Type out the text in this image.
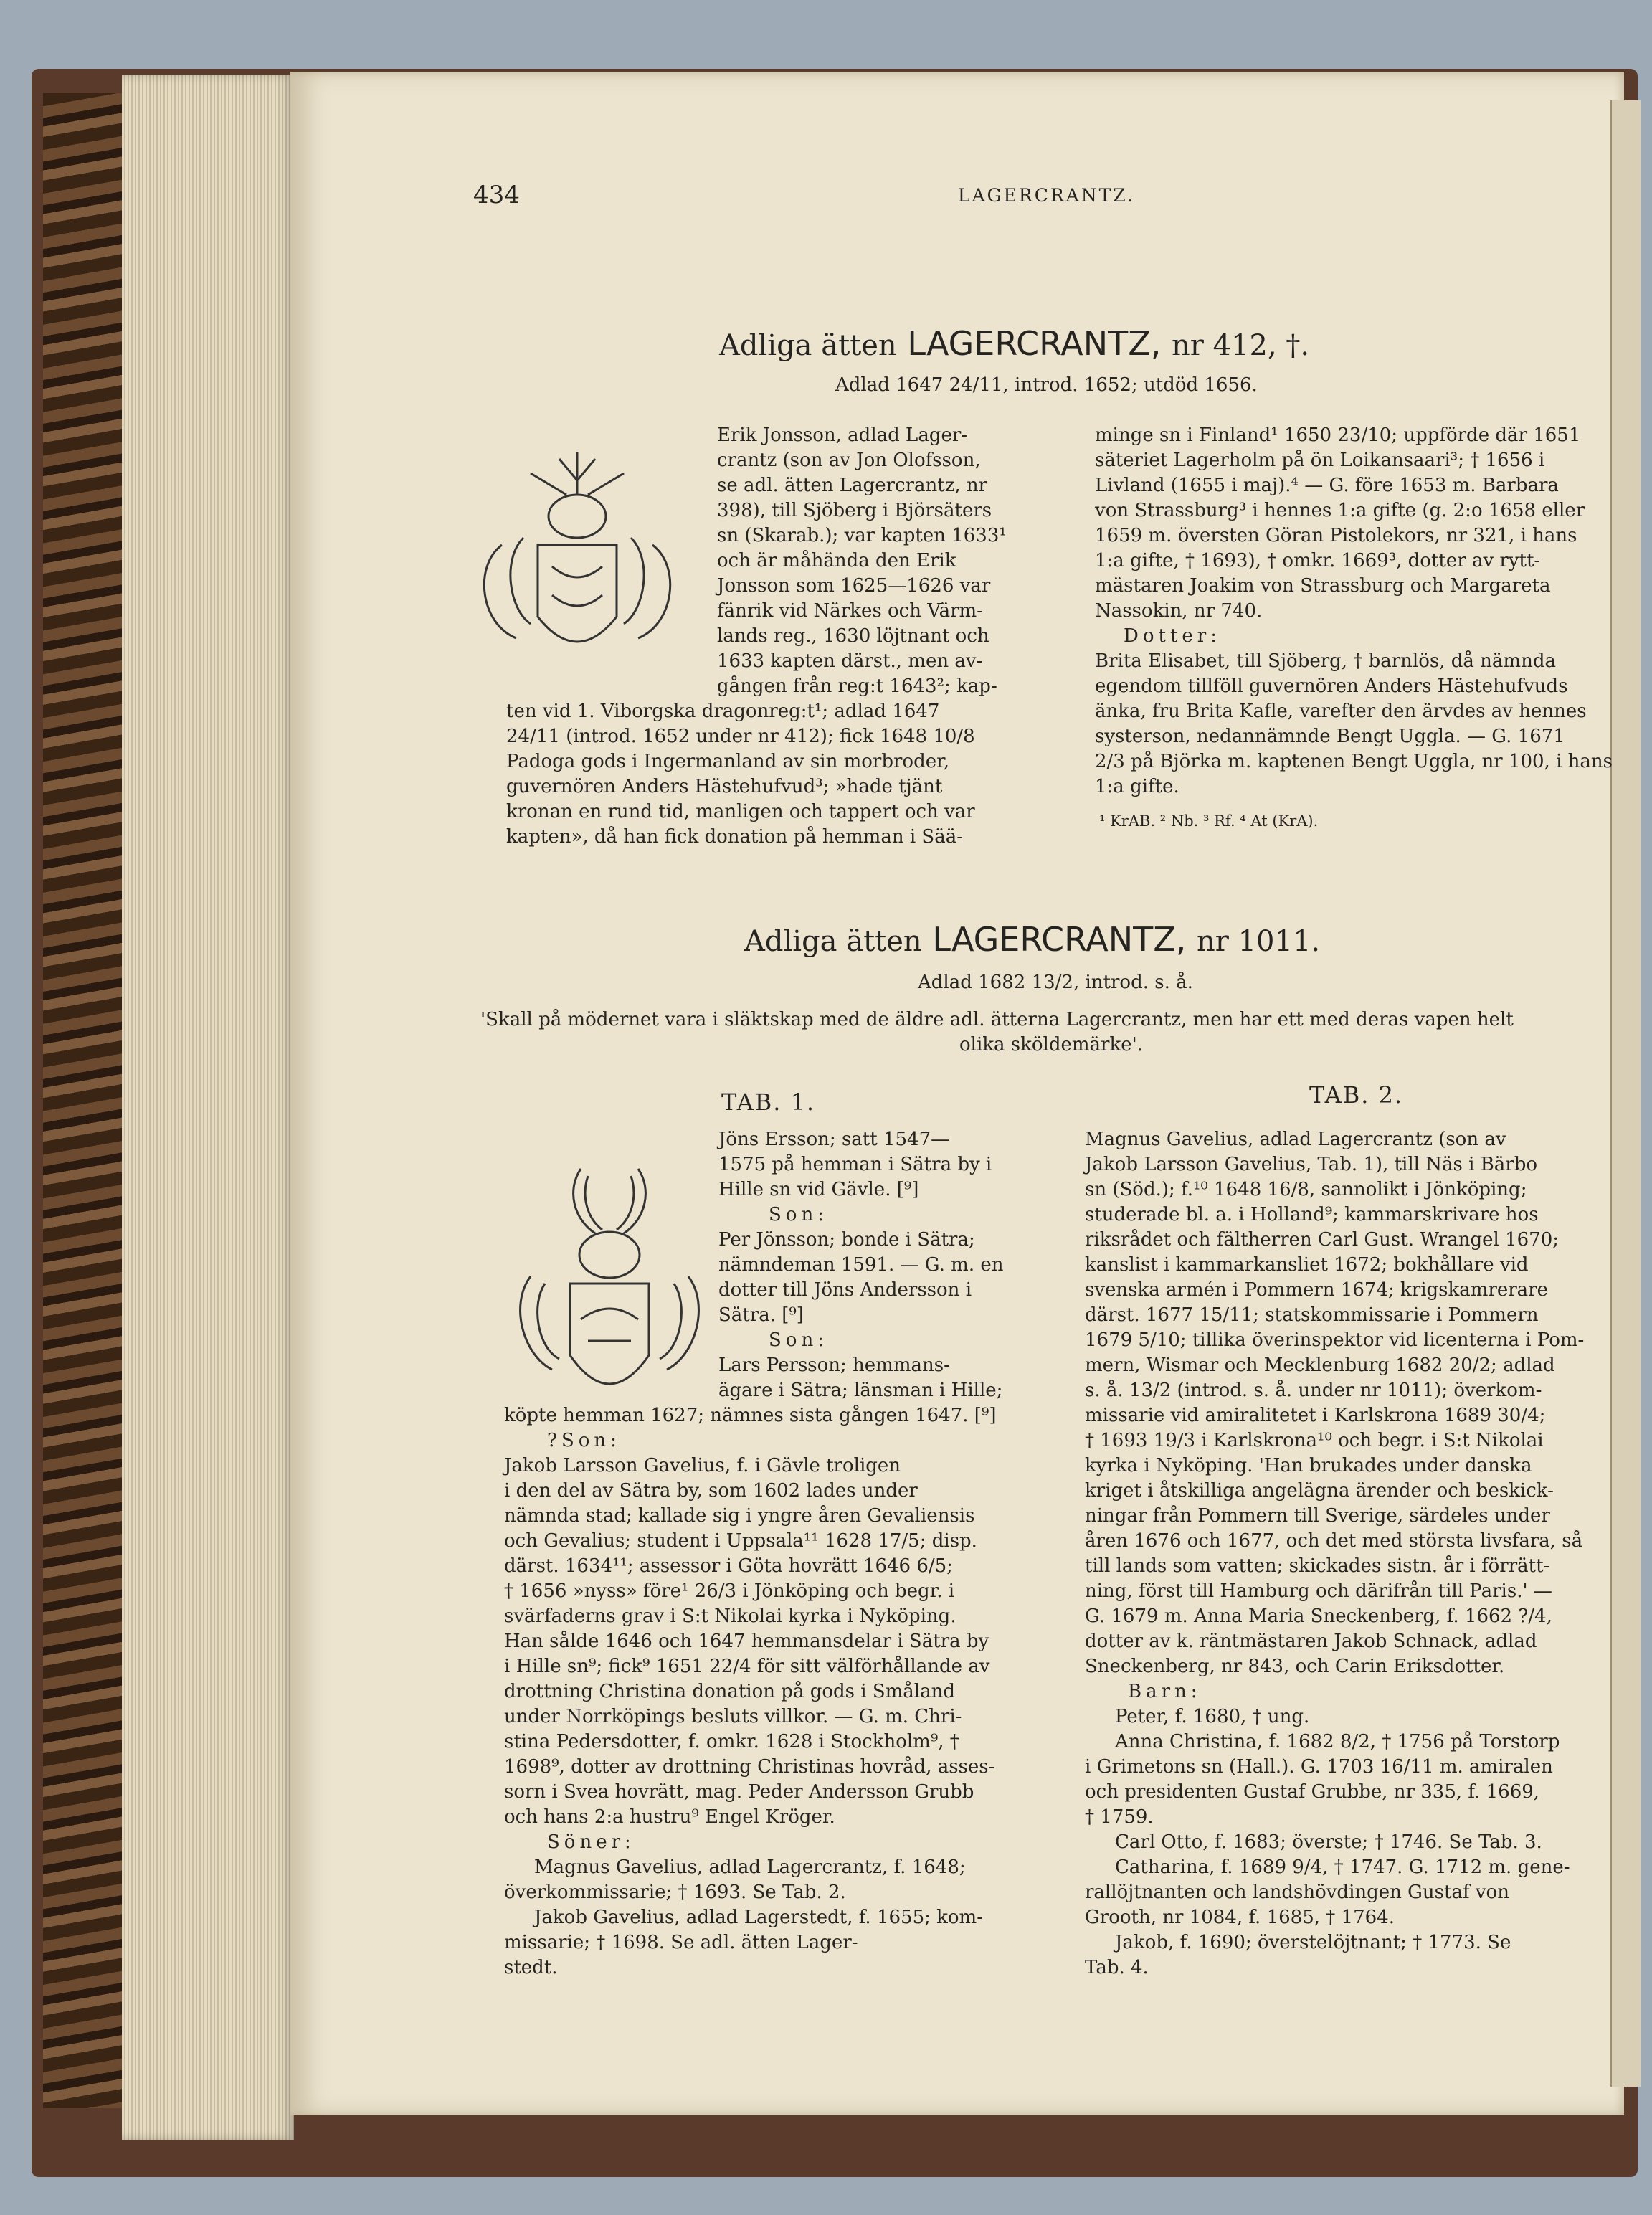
434	LAGERCRANTZ.
Adliga ätten LAGERCRANTZ, nr 412, †.
Adlad 1647 24/11, introd. 1652; utdöd 1656.

Erik Jonsson, adlad Lager-

crantz (son av Jon Olofsson,

se adl. ätten Lagercrantz, nr

398), till Sjöberg i Björsäters

sn (Skarab.); var kapten 1633¹

och är måhända den Erik

Jonsson som 1625—1626 var

fänrik vid Närkes och Värm-

lands reg., 1630 löjtnant och

1633 kapten därst., men av-

gången från reg:t 1643²; kap-

ten vid 1. Viborgska dragonreg:t¹; adlad 1647

24/11 (introd. 1652 under nr 412); fick 1648 10/8

Padoga gods i Ingermanland av sin morbroder,

guvernören Anders Hästehufvud³; »hade tjänt

kronan en rund tid, manligen och tappert och var

kapten», då han fick donation på hemman i Sää-

minge sn i Finland¹ 1650 23/10; uppförde där 1651

säteriet Lagerholm på ön Loikansaari³; † 1656 i

Livland (1655 i maj).⁴ — G. före 1653 m. Barbara

von Strassburg³ i hennes 1:a gifte (g. 2:o 1658 eller

1659 m. översten Göran Pistolekors, nr 321, i hans

1:a gifte, † 1693), † omkr. 1669³, dotter av rytt-

mästaren Joakim von Strassburg och Margareta

Nassokin, nr 740.

Dotter:

Brita Elisabet, till Sjöberg, † barnlös, då nämnda

egendom tillföll guvernören Anders Hästehufvuds

änka, fru Brita Kafle, varefter den ärvdes av hennes

systerson, nedannämnde Bengt Uggla. — G. 1671

2/3 på Björka m. kaptenen Bengt Uggla, nr 100, i hans

1:a gifte.

¹ KrAB. ² Nb. ³ Rf. ⁴ At (KrA).
Adliga ätten LAGERCRANTZ, nr 1011.
Adlad 1682 13/2, introd. s. å.

'Skall på mödernet vara i släktskap med de äldre adl. ätterna Lagercrantz, men har ett med deras vapen helt

olika sköldemärke'.

TAB. 1.	TAB. 2.

Jöns Ersson; satt 1547—

1575 på hemman i Sätra by i

Hille sn vid Gävle. [⁹]

Son:

Per Jönsson; bonde i Sätra;

nämndeman 1591. — G. m. en

dotter till Jöns Andersson i

Sätra. [⁹]

Son:

Lars Persson; hemmans-

ägare i Sätra; länsman i Hille;

köpte hemman 1627; nämnes sista gången 1647. [⁹]

?Son:

Jakob Larsson Gavelius, f. i Gävle troligen

i den del av Sätra by, som 1602 lades under

nämnda stad; kallade sig i yngre åren Gevaliensis

och Gevalius; student i Uppsala¹¹ 1628 17/5; disp.

därst. 1634¹¹; assessor i Göta hovrätt 1646 6/5;

† 1656 »nyss» före¹ 26/3 i Jönköping och begr. i

svärfaderns grav i S:t Nikolai kyrka i Nyköping.

Han sålde 1646 och 1647 hemmansdelar i Sätra by

i Hille sn⁹; fick⁹ 1651 22/4 för sitt välförhållande av

drottning Christina donation på gods i Småland

under Norrköpings besluts villkor. — G. m. Chri-

stina Pedersdotter, f. omkr. 1628 i Stockholm⁹, †

1698⁹, dotter av drottning Christinas hovråd, asses-

sorn i Svea hovrätt, mag. Peder Andersson Grubb

och hans 2:a hustru⁹ Engel Kröger.

Söner:

Magnus Gavelius, adlad Lagercrantz, f. 1648;

överkommissarie; † 1693. Se Tab. 2.

Jakob Gavelius, adlad Lagerstedt, f. 1655; kom-

missarie; † 1698. Se adl. ätten Lager-

stedt.

Magnus Gavelius, adlad Lagercrantz (son av

Jakob Larsson Gavelius, Tab. 1), till Näs i Bärbo

sn (Söd.); f.¹⁰ 1648 16/8, sannolikt i Jönköping;

studerade bl. a. i Holland⁹; kammarskrivare hos

riksrådet och fältherren Carl Gust. Wrangel 1670;

kanslist i kammarkansliet 1672; bokhållare vid

svenska armén i Pommern 1674; krigskamrerare

därst. 1677 15/11; statskommissarie i Pommern

1679 5/10; tillika överinspektor vid licenterna i Pom-

mern, Wismar och Mecklenburg 1682 20/2; adlad

s. å. 13/2 (introd. s. å. under nr 1011); överkom-

missarie vid amiralitetet i Karlskrona 1689 30/4;

† 1693 19/3 i Karlskrona¹⁰ och begr. i S:t Nikolai

kyrka i Nyköping. 'Han brukades under danska

kriget i åtskilliga angelägna ärender och beskick-

ningar från Pommern till Sverige, särdeles under

åren 1676 och 1677, och det med största livsfara, så

till lands som vatten; skickades sistn. år i förrätt-

ning, först till Hamburg och därifrån till Paris.' —

G. 1679 m. Anna Maria Sneckenberg, f. 1662 ?/4,

dotter av k. räntmästaren Jakob Schnack, adlad

Sneckenberg, nr 843, och Carin Eriksdotter.

Barn:

Peter, f. 1680, † ung.

Anna Christina, f. 1682 8/2, † 1756 på Torstorp

i Grimetons sn (Hall.). G. 1703 16/11 m. amiralen

och presidenten Gustaf Grubbe, nr 335, f. 1669,

† 1759.

Carl Otto, f. 1683; överste; † 1746. Se Tab. 3.

Catharina, f. 1689 9/4, † 1747. G. 1712 m. gene-

rallöjtnanten och landshövdingen Gustaf von

Grooth, nr 1084, f. 1685, † 1764.

Jakob, f. 1690; överstelöjtnant; † 1773. Se

Tab. 4.
